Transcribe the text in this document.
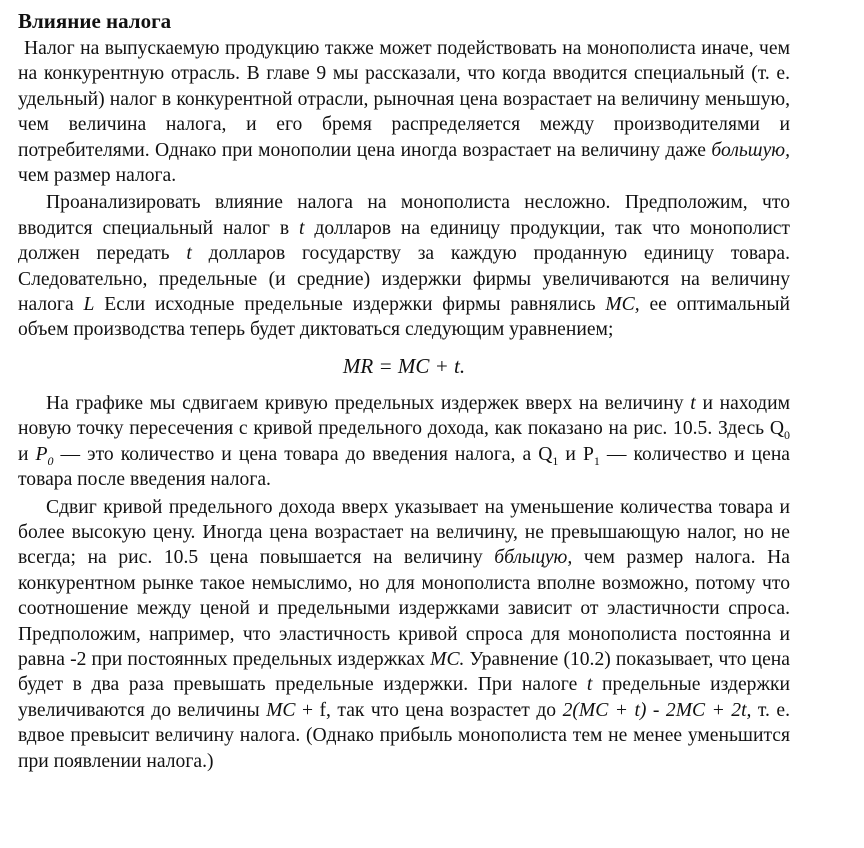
Влияние налога

Налог на выпускаемую продукцию также может подействовать на монополиста иначе, чем на конкурентную отрасль. В главе 9 мы рассказали, что когда вводится специальный (т. е. удельный) налог в конкурентной отрасли, рыночная цена возрастает на величину меньшую, чем величина налога, и его бремя распределяется между производителями и потребителями. Однако при монополии цена иногда возрастает на величину даже большую, чем размер налога.

Проанализировать влияние налога на монополиста несложно. Предположим, что вводится специальный налог в t долларов на единицу продукции, так что монополист должен передать t долларов государству за каждую проданную единицу товара. Следовательно, предельные (и средние) издержки фирмы увеличиваются на величину налога L Если исходные предельные издержки фирмы равнялись MC, ее оптимальный объем производства теперь будет диктоваться следующим уравнением;

MR = MC + t.

На графике мы сдвигаем кривую предельных издержек вверх на величину t и находим новую точку пересечения с кривой предельного дохода, как показано на рис. 10.5. Здесь $Q_0$ и $P_0$ — это количество и цена товара до введения налога, а $Q_1$ и $P_1$ — количество и цена товара после введения налога.

Сдвиг кривой предельного дохода вверх указывает на уменьшение количества товара и более высокую цену. Иногда цена возрастает на величину, не превышающую налог, но не всегда; на рис. 10.5 цена повышается на величину бблыцую, чем размер налога. На конкурентном рынке такое немыслимо, но для монополиста вполне возможно, потому что соотношение между ценой и предельными издержками зависит от эластичности спроса. Предположим, например, что эластичность кривой спроса для монополиста постоянна и равна -2 при постоянных предельных издержках МС. Уравнение (10.2) показывает, что цена будет в два раза превышать предельные издержки. При налоге t предельные издержки увеличиваются до величины МС + f, так что цена возрастет до 2(МС + t) - 2МС + 2t, т. е. вдвое превысит величину налога. (Однако прибыль монополиста тем не менее уменьшится при появлении налога.)
